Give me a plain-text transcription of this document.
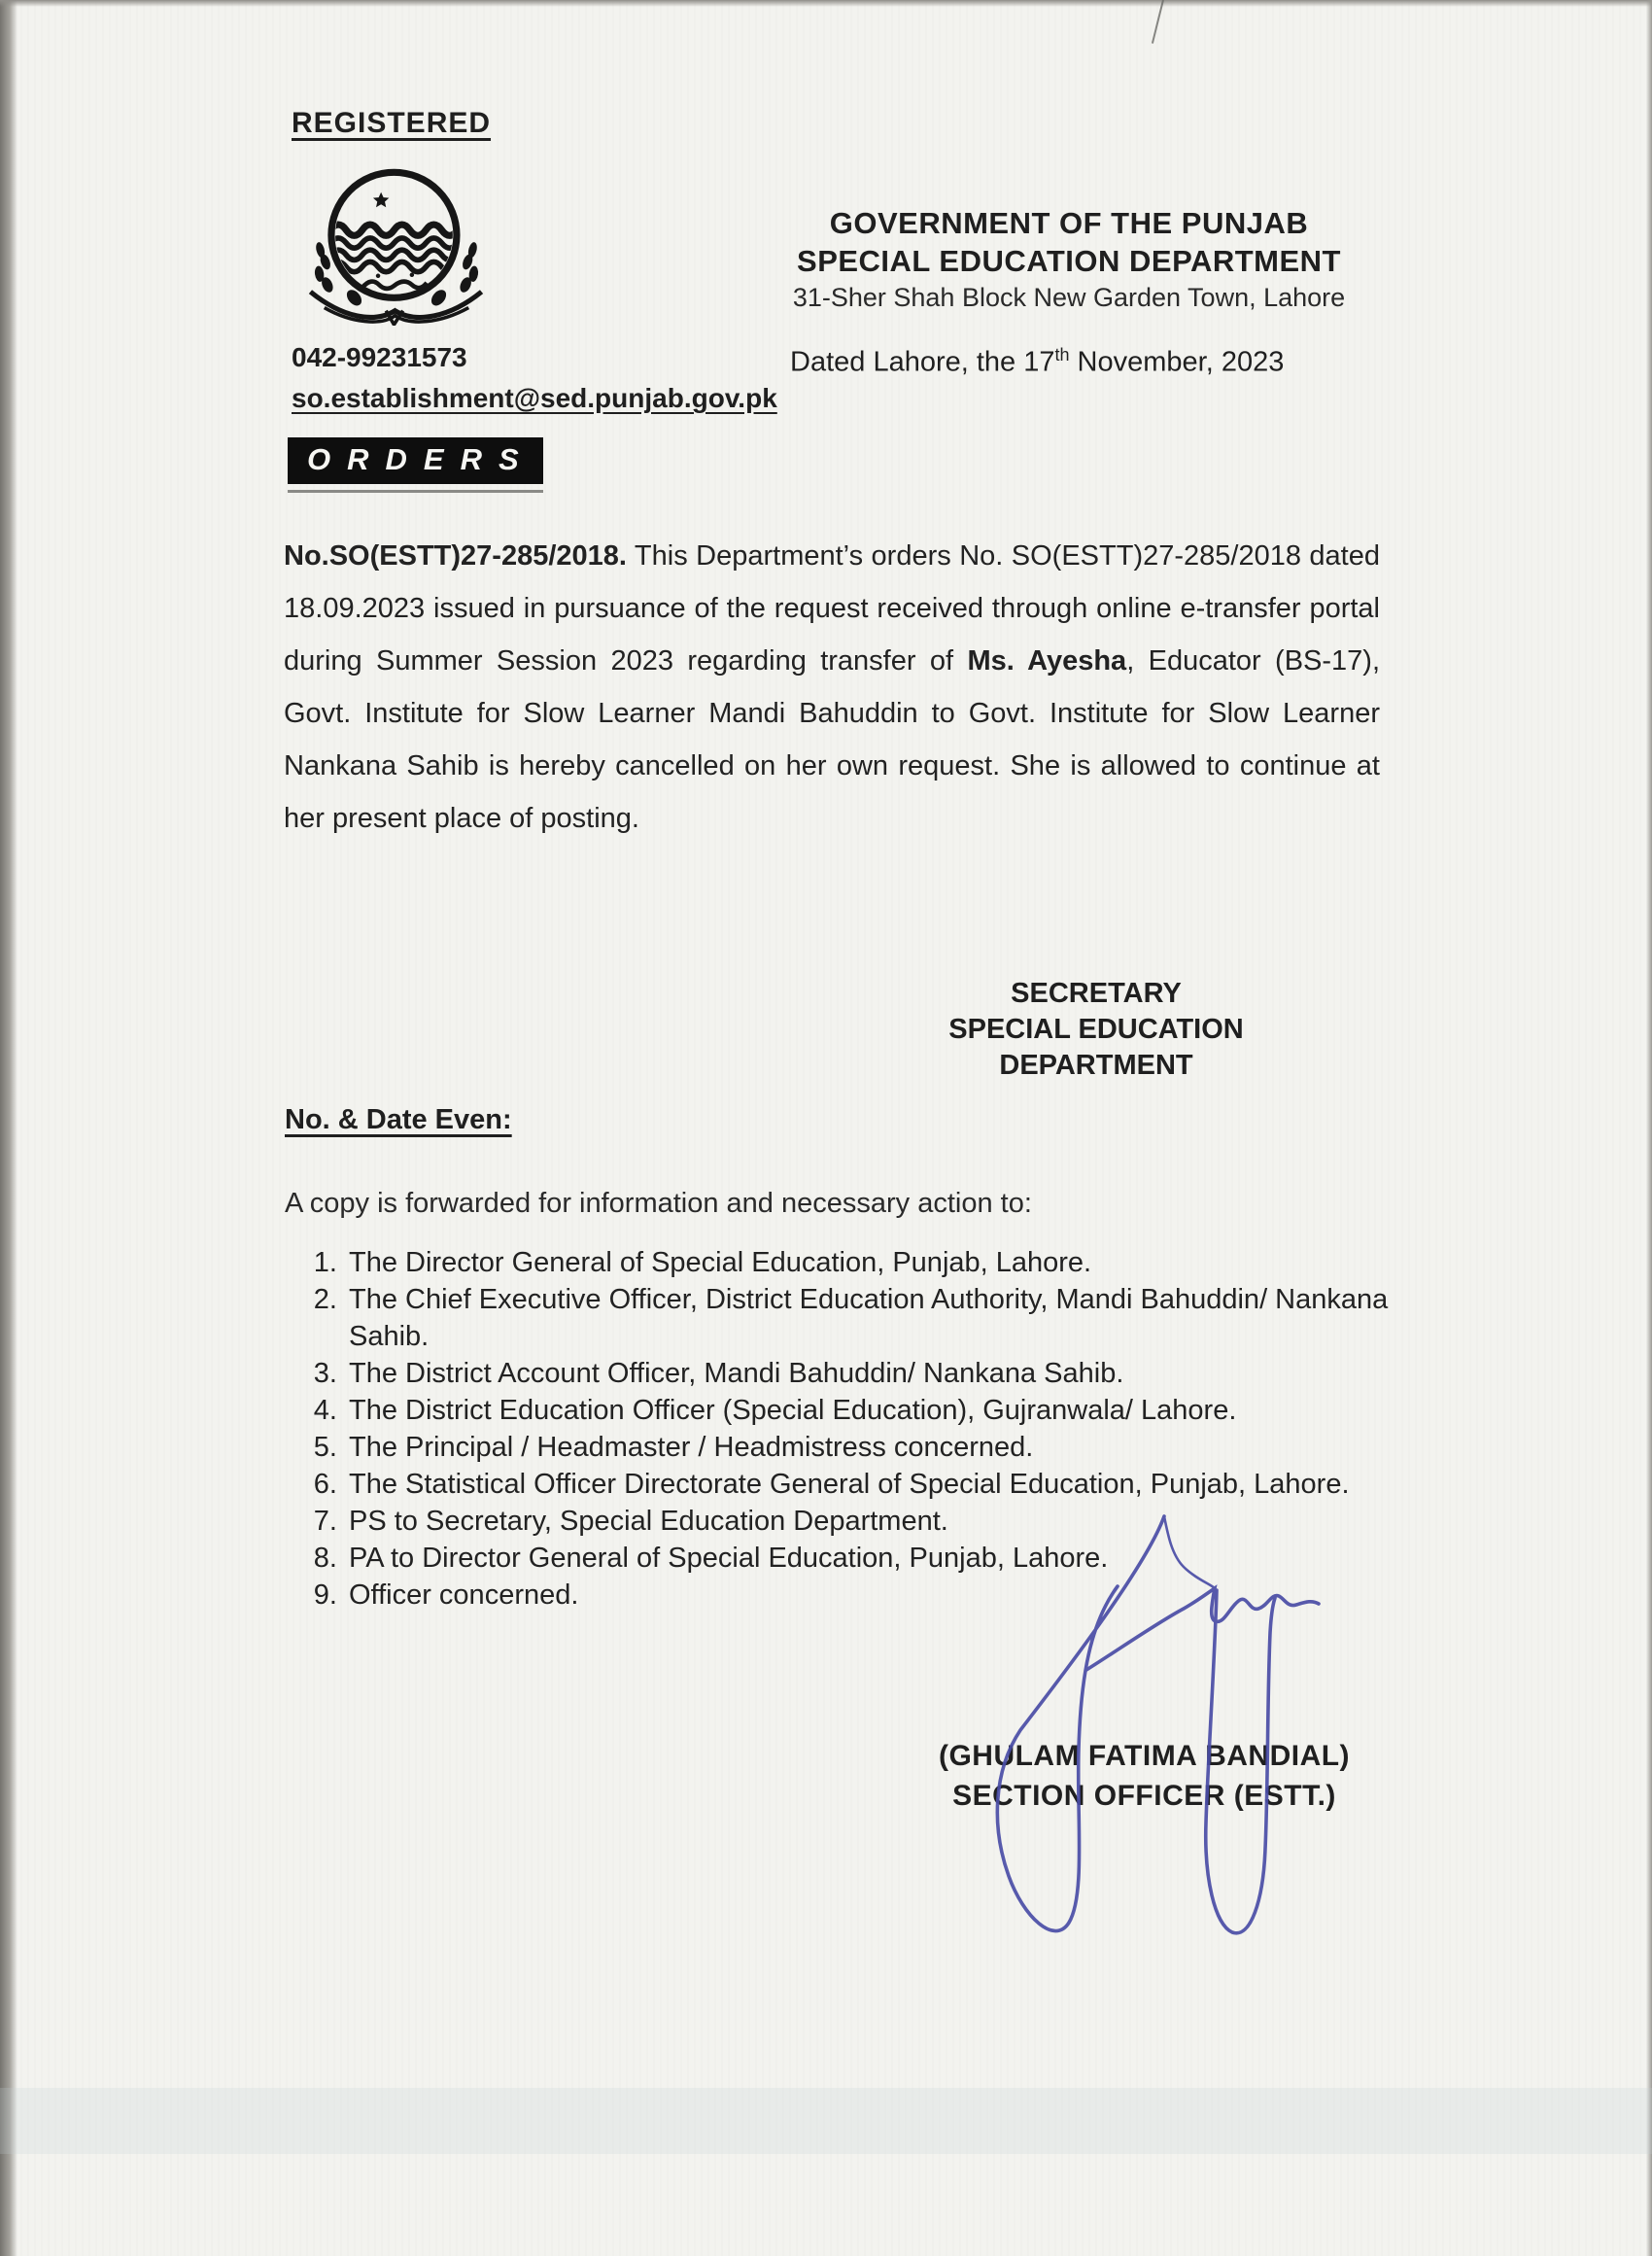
REGISTERED
GOVERNMENT OF THE PUNJAB
SPECIAL EDUCATION DEPARTMENT
31-Sher Shah Block New Garden Town, Lahore
042-99231573
so.establishment@sed.punjab.gov.pk
Dated Lahore, the 17th November, 2023
ORDERS
No.SO(ESTT)27-285/2018. This Department’s orders No. SO(ESTT)27-285/2018 dated 18.09.2023 issued in pursuance of the request received through online e-transfer portal during Summer Session 2023 regarding transfer of Ms. Ayesha, Educator (BS-17), Govt. Institute for Slow Learner Mandi Bahuddin to Govt. Institute for Slow Learner Nankana Sahib is hereby cancelled on her own request. She is allowed to continue at her present place of posting.
SECRETARY
SPECIAL EDUCATION
DEPARTMENT
No. & Date Even:
A copy is forwarded for information and necessary action to:
1. The Director General of Special Education, Punjab, Lahore.
2. The Chief Executive Officer, District Education Authority, Mandi Bahuddin/ Nankana Sahib.
3. The District Account Officer, Mandi Bahuddin/ Nankana Sahib.
4. The District Education Officer (Special Education), Gujranwala/ Lahore.
5. The Principal / Headmaster / Headmistress concerned.
6. The Statistical Officer Directorate General of Special Education, Punjab, Lahore.
7. PS to Secretary, Special Education Department.
8. PA to Director General of Special Education, Punjab, Lahore.
9. Officer concerned.
(GHULAM FATIMA BANDIAL)
SECTION OFFICER (ESTT.)
